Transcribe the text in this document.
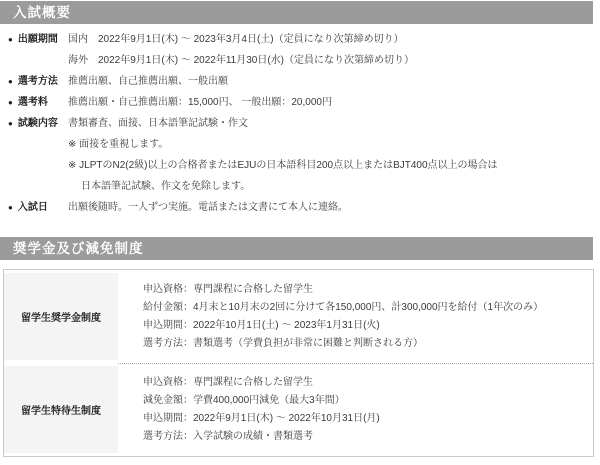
入試概要
● 出願期間 国内　2022年9月1日(木) ～ 2023年3月4日(土)（定員になり次第締め切り）
海外　2022年9月1日(木) ～ 2022年11月30日(水)（定員になり次第締め切り）
● 選考方法 推薦出願、自己推薦出願、一般出願
● 選考料 推薦出願・自己推薦出願：15,000円、 一般出願：20,000円
● 試験内容 書類審査、面接、日本語筆記試験・作文
※ 面接を重視します。
※ JLPTのN2(2級)以上の合格者またはEJUの日本語科目200点以上またはBJT400点以上の場合は
日本語筆記試験、作文を免除します。
● 入試日 出願後随時。一人ずつ実施。電話または文書にて本人に連絡。
奨学金及び減免制度
留学生奨学金制度
申込資格：専門課程に合格した留学生
給付金額：4月末と10月末の2回に分けて各150,000円、計300,000円を給付（1年次のみ）
申込期間：2022年10月1日(土) ～ 2023年1月31日(火)
選考方法：書類選考（学費負担が非常に困難と判断される方）
留学生特待生制度
申込資格：専門課程に合格した留学生
減免金額：学費400,000円減免（最大3年間）
申込期間：2022年9月1日(木) ～ 2022年10月31日(月)
選考方法：入学試験の成績・書類選考
